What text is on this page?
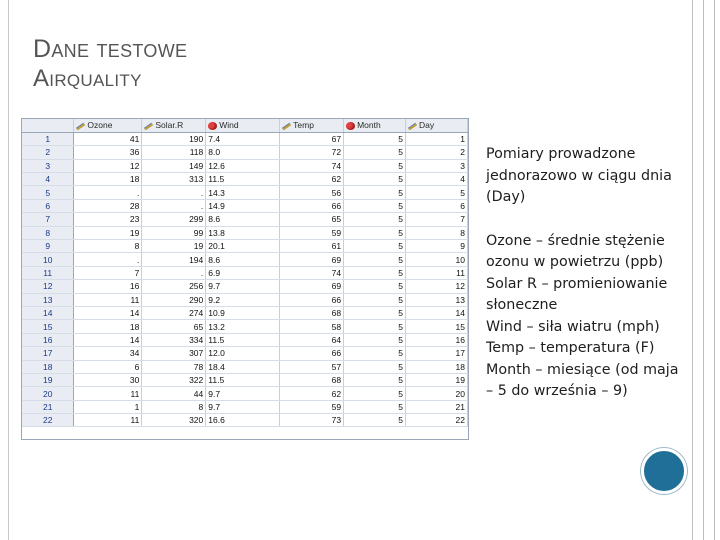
Dane testowe
Airquality
	Ozone	Solar.R	Wind	Temp	Month	Day
1	41	190	7.4	67	5	1
2	36	118	8.0	72	5	2
3	12	149	12.6	74	5	3
4	18	313	11.5	62	5	4
5	.	.	14.3	56	5	5
6	28	.	14.9	66	5	6
7	23	299	8.6	65	5	7
8	19	99	13.8	59	5	8
9	8	19	20.1	61	5	9
10	.	194	8.6	69	5	10
11	7	.	6.9	74	5	11
12	16	256	9.7	69	5	12
13	11	290	9.2	66	5	13
14	14	274	10.9	68	5	14
15	18	65	13.2	58	5	15
16	14	334	11.5	64	5	16
17	34	307	12.0	66	5	17
18	6	78	18.4	57	5	18
19	30	322	11.5	68	5	19
20	11	44	9.7	62	5	20
21	1	8	9.7	59	5	21
22	11	320	16.6	73	5	22

Pomiary prowadzone jednorazowo w ciągu dnia (Day)

Ozone – średnie stężenie ozonu w powietrzu (ppb)

Solar R – promieniowanie słoneczne

Wind – siła wiatru (mph)

Temp – temperatura (F)

Month – miesiące (od maja – 5 do września – 9)
